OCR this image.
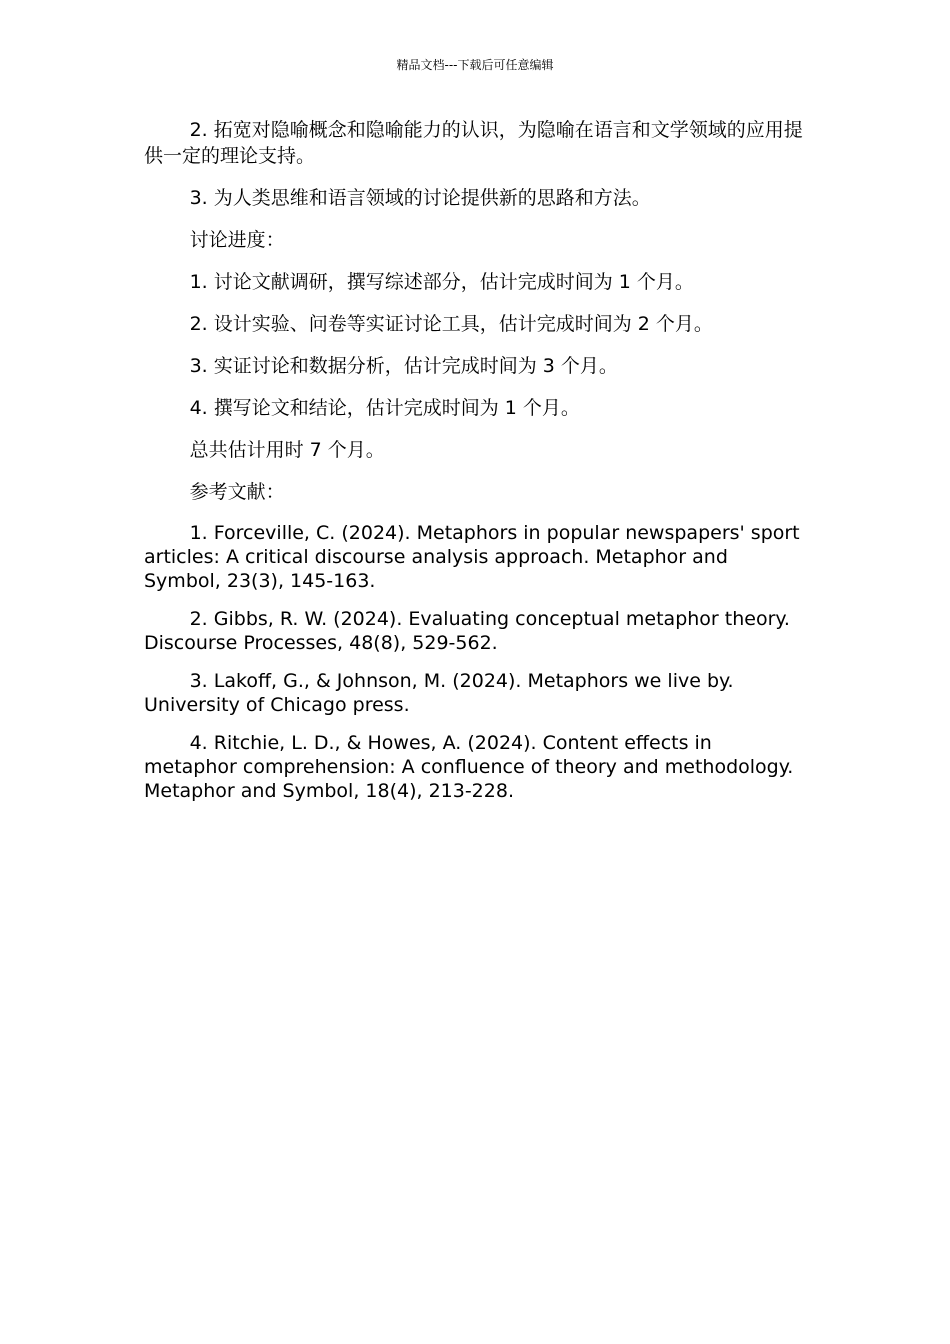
精品文档---下载后可任意编辑

2. 拓宽对隐喻概念和隐喻能力的认识，为隐喻在语言和文学领域的应用提供一定的理论支持。

3. 为人类思维和语言领域的讨论提供新的思路和方法。

讨论进度：

1. 讨论文献调研，撰写综述部分，估计完成时间为 1 个月。

2. 设计实验、问卷等实证讨论工具，估计完成时间为 2 个月。

3. 实证讨论和数据分析，估计完成时间为 3 个月。

4. 撰写论文和结论，估计完成时间为 1 个月。

总共估计用时 7 个月。

参考文献：

1. Forceville, C. (2024). Metaphors in popular newspapers' sport articles: A critical discourse analysis approach. Metaphor and Symbol, 23(3), 145-163.

2. Gibbs, R. W. (2024). Evaluating conceptual metaphor theory. Discourse Processes, 48(8), 529-562.

3. Lakoff, G., & Johnson, M. (2024). Metaphors we live by. University of Chicago press.

4. Ritchie, L. D., & Howes, A. (2024). Content effects in metaphor comprehension: A confluence of theory and methodology. Metaphor and Symbol, 18(4), 213-228.
